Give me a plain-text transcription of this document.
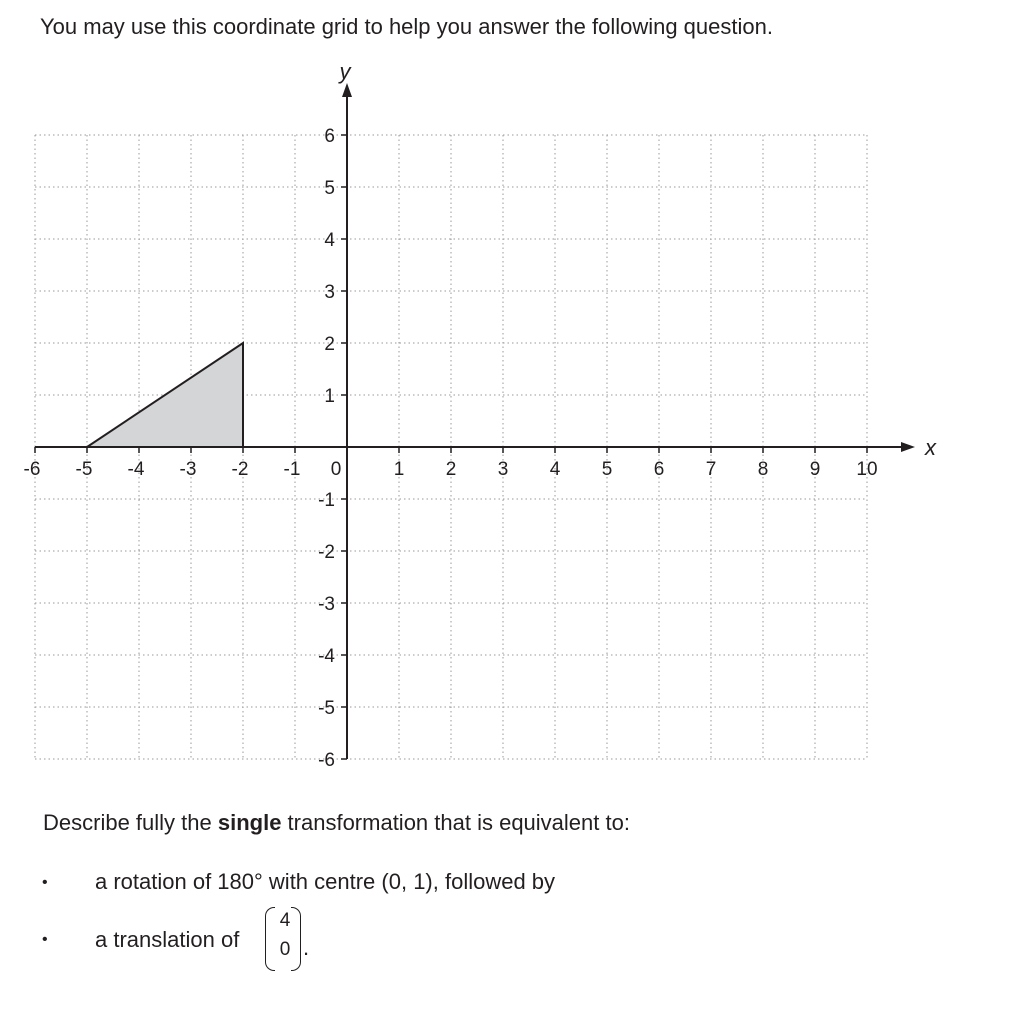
You may use this coordinate grid to help you answer the following question.

-6 -5 -4 -3 -2 -1	1 2 3 4 5 6 7 8 9 10
6
5
4
3
2
1
-1
-2
-3
-4
-5
-6
0
x
y
Describe fully the single transformation that is equivalent to:
• a rotation of 180° with centre (0, 1), followed by
• a translation of
4
0 .
